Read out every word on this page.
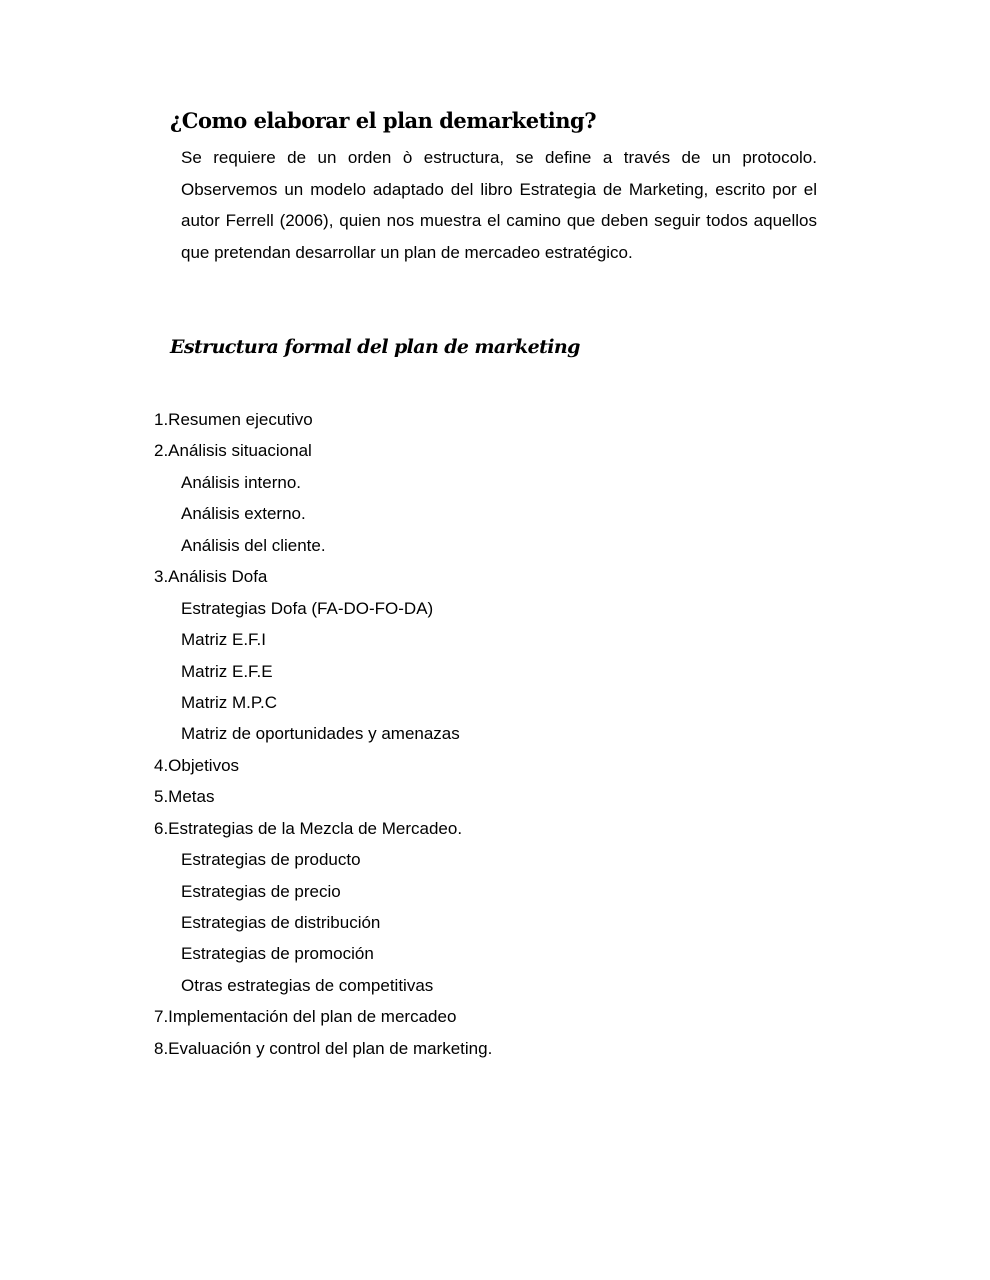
¿Como elaborar el plan demarketing?
Se requiere de un orden ò estructura, se define a través de un protocolo. Observemos un modelo adaptado del libro Estrategia de Marketing, escrito por el autor Ferrell (2006), quien nos muestra el camino que deben seguir todos aquellos que pretendan desarrollar un plan de mercadeo estratégico.
Estructura formal del plan de marketing
1.Resumen ejecutivo
2.Análisis situacional
Análisis interno.
Análisis externo.
Análisis del cliente.
3.Análisis Dofa
Estrategias Dofa (FA-DO-FO-DA)
Matriz E.F.I
Matriz E.F.E
Matriz M.P.C
Matriz de oportunidades y amenazas
4.Objetivos
5.Metas
6.Estrategias de la Mezcla de Mercadeo.
Estrategias de producto
Estrategias de precio
Estrategias de distribución
Estrategias de promoción
Otras estrategias de competitivas
7.Implementación del plan de mercadeo
8.Evaluación y control del plan de marketing.
